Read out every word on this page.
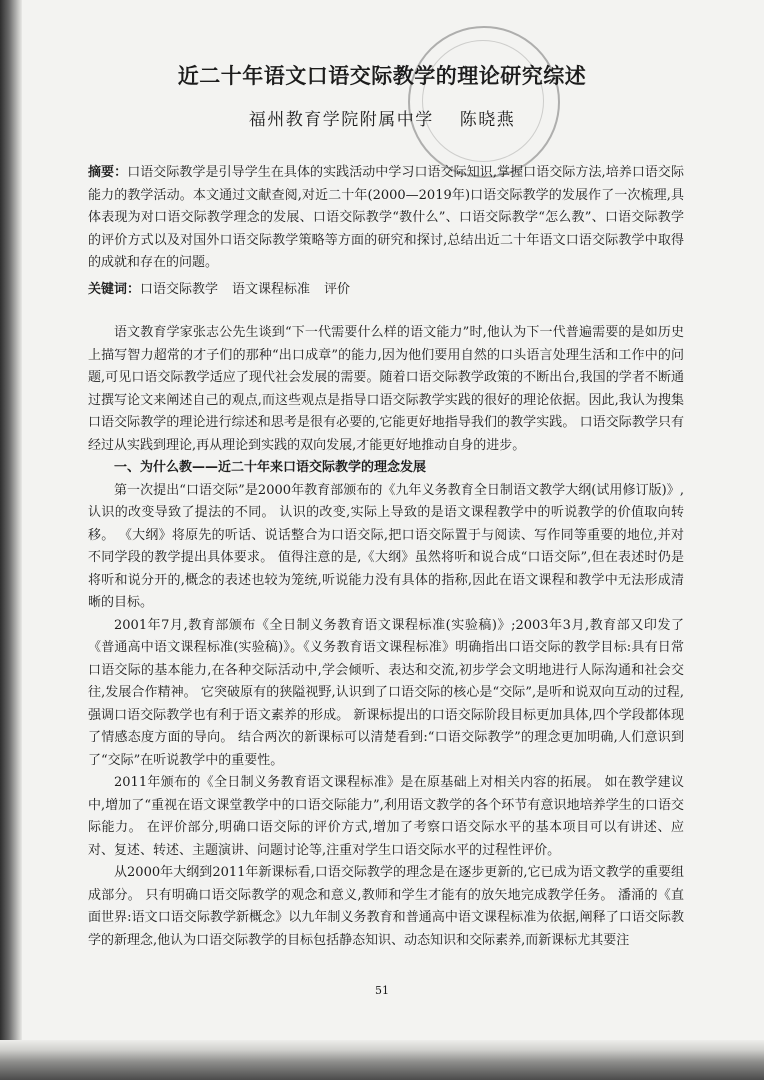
近二十年语文口语交际教学的理论研究综述
福州教育学院附属中学 陈晓燕
摘要：口语交际教学是引导学生在具体的实践活动中学习口语交际知识,掌握口语交际方法,培养口语交际能力的教学活动。本文通过文献查阅,对近二十年(2000—2019年)口语交际教学的发展作了一次梳理,具体表现为对口语交际教学理念的发展、口语交际教学“教什么”、口语交际教学“怎么教”、口语交际教学的评价方式以及对国外口语交际教学策略等方面的研究和探讨,总结出近二十年语文口语交际教学中取得的成就和存在的问题。
关键词：口语交际教学 语文课程标准 评价

语文教育学家张志公先生谈到“下一代需要什么样的语文能力”时,他认为下一代普遍需要的是如历史上描写智力超常的才子们的那种“出口成章”的能力,因为他们要用自然的口头语言处理生活和工作中的问题,可见口语交际教学适应了现代社会发展的需要。随着口语交际教学政策的不断出台,我国的学者不断通过撰写论文来阐述自己的观点,而这些观点是指导口语交际教学实践的很好的理论依据。因此,我认为搜集口语交际教学的理论进行综述和思考是很有必要的,它能更好地指导我们的教学实践。 口语交际教学只有经过从实践到理论,再从理论到实践的双向发展,才能更好地推动自身的进步。

一、为什么教——近二十年来口语交际教学的理念发展

第一次提出“口语交际”是2000年教育部颁布的《九年义务教育全日制语文教学大纲(试用修订版)》,认识的改变导致了提法的不同。 认识的改变,实际上导致的是语文课程教学中的听说教学的价值取向转移。 《大纲》将原先的听话、说话整合为口语交际,把口语交际置于与阅读、写作同等重要的地位,并对不同学段的教学提出具体要求。 值得注意的是,《大纲》虽然将听和说合成“口语交际”,但在表述时仍是将听和说分开的,概念的表述也较为笼统,听说能力没有具体的指称,因此在语文课程和教学中无法形成清晰的目标。

2001年7月,教育部颁布《全日制义务教育语文课程标准(实验稿)》;2003年3月,教育部又印发了《普通高中语文课程标准(实验稿)》。《义务教育语文课程标准》明确指出口语交际的教学目标:具有日常口语交际的基本能力,在各种交际活动中,学会倾听、表达和交流,初步学会文明地进行人际沟通和社会交往,发展合作精神。 它突破原有的狭隘视野,认识到了口语交际的核心是“交际”,是听和说双向互动的过程,强调口语交际教学也有利于语文素养的形成。 新课标提出的口语交际阶段目标更加具体,四个学段都体现了情感态度方面的导向。 结合两次的新课标可以清楚看到:“口语交际教学”的理念更加明确,人们意识到了“交际”在听说教学中的重要性。

2011年颁布的《全日制义务教育语文课程标准》是在原基础上对相关内容的拓展。 如在教学建议中,增加了“重视在语文课堂教学中的口语交际能力”,利用语文教学的各个环节有意识地培养学生的口语交际能力。 在评价部分,明确口语交际的评价方式,增加了考察口语交际水平的基本项目可以有讲述、应对、复述、转述、主题演讲、问题讨论等,注重对学生口语交际水平的过程性评价。

从2000年大纲到2011年新课标看,口语交际教学的理念是在逐步更新的,它已成为语文教学的重要组成部分。 只有明确口语交际教学的观念和意义,教师和学生才能有的放矢地完成教学任务。 潘涌的《直面世界:语文口语交际教学新概念》以九年制义务教育和普通高中语文课程标准为依据,阐释了口语交际教学的新理念,他认为口语交际教学的目标包括静态知识、动态知识和交际素养,而新课标尤其要注

51
